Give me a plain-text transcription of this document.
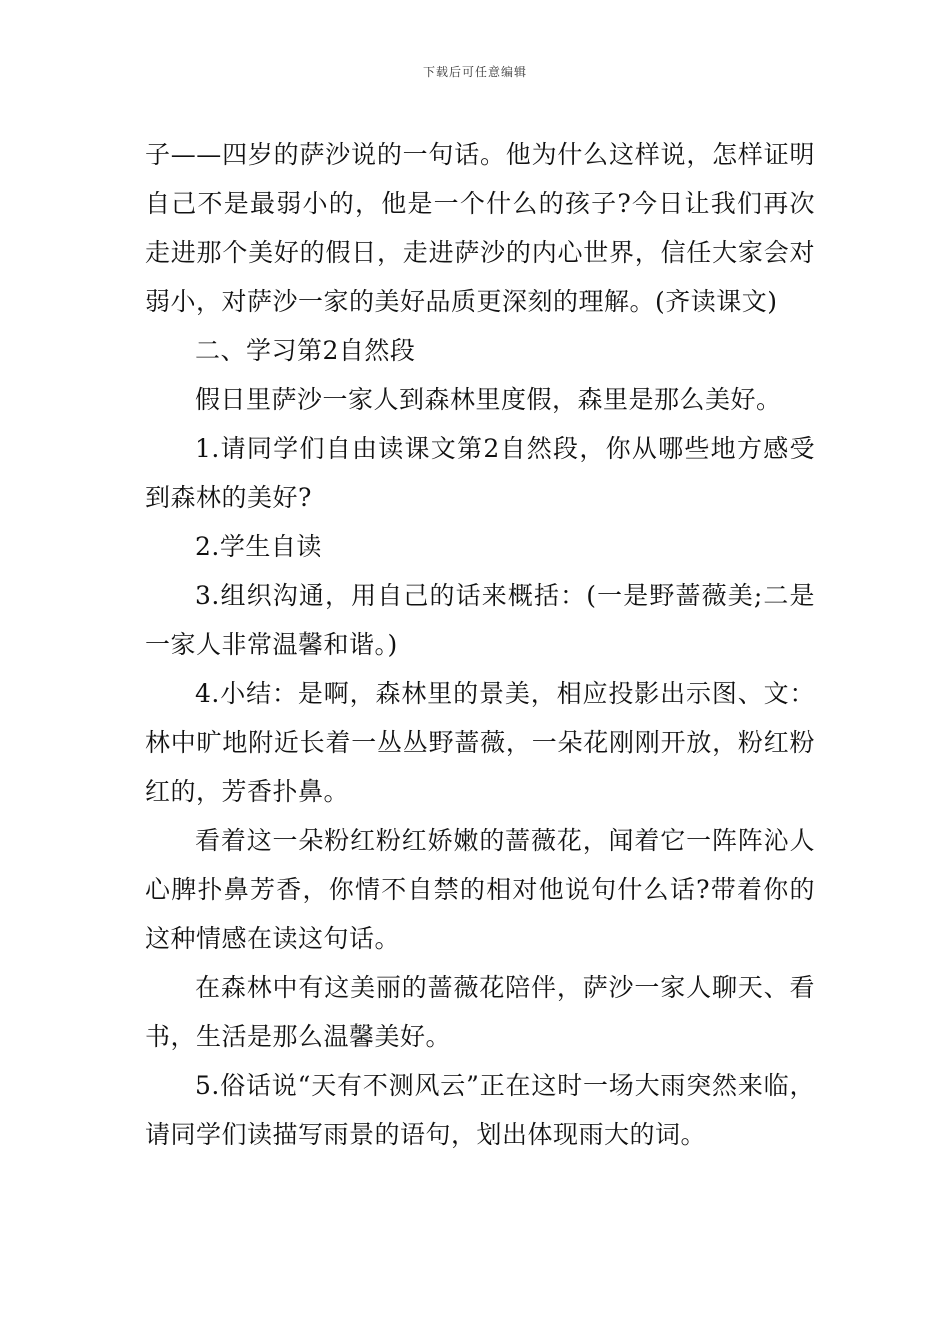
下载后可任意编辑

子——四岁的萨沙说的一句话。他为什么这样说，怎样证明自己不是最弱小的，他是一个什么的孩子?今日让我们再次走进那个美好的假日，走进萨沙的内心世界，信任大家会对弱小，对萨沙一家的美好品质更深刻的理解。(齐读课文)

二、学习第2自然段

假日里萨沙一家人到森林里度假，森里是那么美好。

1.请同学们自由读课文第2自然段，你从哪些地方感受到森林的美好?

2.学生自读

3.组织沟通，用自己的话来概括：(一是野蔷薇美;二是一家人非常温馨和谐。)

4.小结：是啊，森林里的景美，相应投影出示图、文：林中旷地附近长着一丛丛野蔷薇，一朵花刚刚开放，粉红粉红的，芳香扑鼻。

看着这一朵粉红粉红娇嫩的蔷薇花，闻着它一阵阵沁人心脾扑鼻芳香，你情不自禁的相对他说句什么话?带着你的这种情感在读这句话。

在森林中有这美丽的蔷薇花陪伴，萨沙一家人聊天、看书，生活是那么温馨美好。

5.俗话说“天有不测风云”正在这时一场大雨突然来临，请同学们读描写雨景的语句，划出体现雨大的词。
